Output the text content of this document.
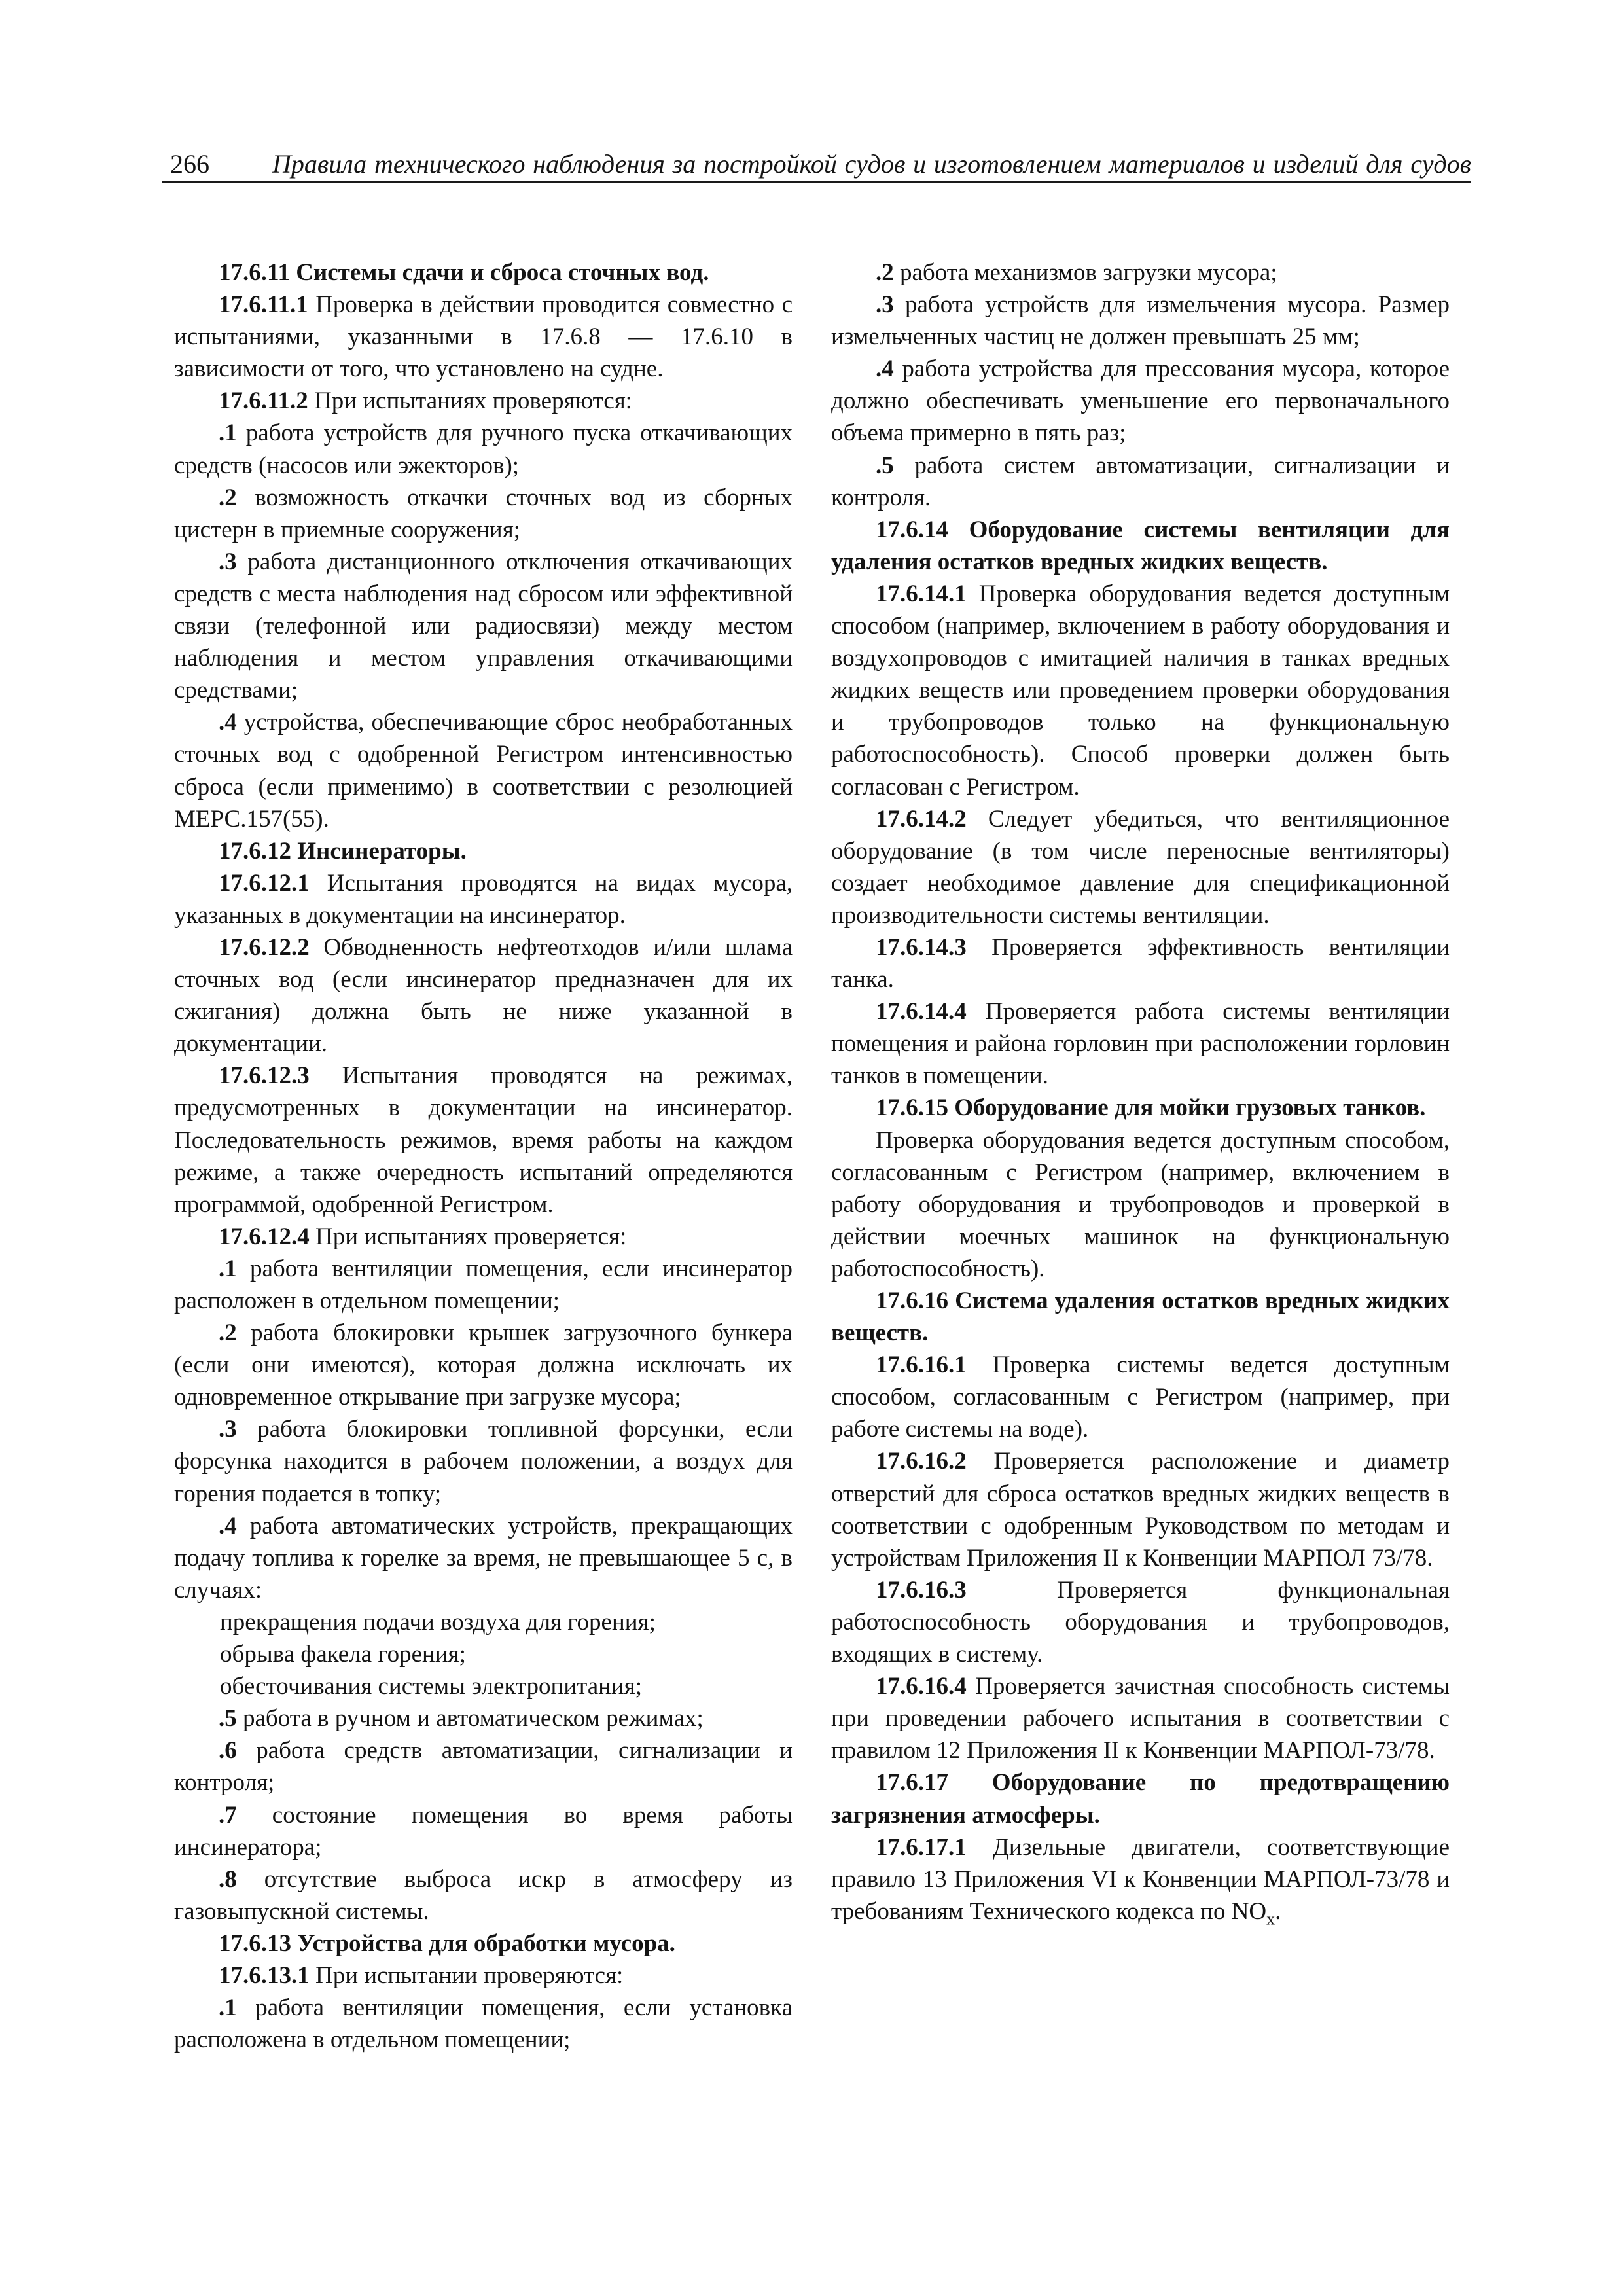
266 Правила технического наблюдения за постройкой судов и изготовлением материалов и изделий для судов

17.6.11 Системы сдачи и сброса сточных вод.

17.6.11.1 Проверка в действии проводится совместно с испытаниями, указанными в 17.6.8 — 17.6.10 в зависимости от того, что установлено на судне.

17.6.11.2 При испытаниях проверяются:

.1 работа устройств для ручного пуска откачивающих средств (насосов или эжекторов);

.2 возможность откачки сточных вод из сборных цистерн в приемные сооружения;

.3 работа дистанционного отключения откачивающих средств с места наблюдения над сбросом или эффективной связи (телефонной или радиосвязи) между местом наблюдения и местом управления откачивающими средствами;

.4 устройства, обеспечивающие сброс необработанных сточных вод с одобренной Регистром интенсивностью сброса (если применимо) в соответствии с резолюцией МЕРС.157(55).

17.6.12 Инсинераторы.

17.6.12.1 Испытания проводятся на видах мусора, указанных в документации на инсинератор.

17.6.12.2 Обводненность нефтеотходов и/или шлама сточных вод (если инсинератор предназначен для их сжигания) должна быть не ниже указанной в документации.

17.6.12.3 Испытания проводятся на режимах, предусмотренных в документации на инсинератор. Последовательность режимов, время работы на каждом режиме, а также очередность испытаний определяются программой, одобренной Регистром.

17.6.12.4 При испытаниях проверяется:

.1 работа вентиляции помещения, если инсинератор расположен в отдельном помещении;

.2 работа блокировки крышек загрузочного бункера (если они имеются), которая должна исключать их одновременное открывание при загрузке мусора;

.3 работа блокировки топливной форсунки, если форсунка находится в рабочем положении, а воздух для горения подается в топку;

.4 работа автоматических устройств, прекращающих подачу топлива к горелке за время, не превышающее 5 с, в случаях:

прекращения подачи воздуха для горения;

обрыва факела горения;

обесточивания системы электропитания;

.5 работа в ручном и автоматическом режимах;

.6 работа средств автоматизации, сигнализации и контроля;

.7 состояние помещения во время работы инсинератора;

.8 отсутствие выброса искр в атмосферу из газовыпускной системы.

17.6.13 Устройства для обработки мусора.

17.6.13.1 При испытании проверяются:

.1 работа вентиляции помещения, если установка расположена в отдельном помещении;

.2 работа механизмов загрузки мусора;

.3 работа устройств для измельчения мусора. Размер измельченных частиц не должен превышать 25 мм;

.4 работа устройства для прессования мусора, которое должно обеспечивать уменьшение его первоначального объема примерно в пять раз;

.5 работа систем автоматизации, сигнализации и контроля.

17.6.14 Оборудование системы вентиляции для удаления остатков вредных жидких веществ.

17.6.14.1 Проверка оборудования ведется доступным способом (например, включением в работу оборудования и воздухопроводов с имитацией наличия в танках вредных жидких веществ или проведением проверки оборудования и трубопроводов только на функциональную работоспособность). Способ проверки должен быть согласован с Регистром.

17.6.14.2 Следует убедиться, что вентиляционное оборудование (в том числе переносные вентиляторы) создает необходимое давление для спецификационной производительности системы вентиляции.

17.6.14.3 Проверяется эффективность вентиляции танка.

17.6.14.4 Проверяется работа системы вентиляции помещения и района горловин при расположении горловин танков в помещении.

17.6.15 Оборудование для мойки грузовых танков.

Проверка оборудования ведется доступным способом, согласованным с Регистром (например, включением в работу оборудования и трубопроводов и проверкой в действии моечных машинок на функциональную работоспособность).

17.6.16 Система удаления остатков вредных жидких веществ.

17.6.16.1 Проверка системы ведется доступным способом, согласованным с Регистром (например, при работе системы на воде).

17.6.16.2 Проверяется расположение и диаметр отверстий для сброса остатков вредных жидких веществ в соответствии с одобренным Руководством по методам и устройствам Приложения II к Конвенции МАРПОЛ 73/78.

17.6.16.3 Проверяется функциональная работоспособность оборудования и трубопроводов, входящих в систему.

17.6.16.4 Проверяется зачистная способность системы при проведении рабочего испытания в соответствии с правилом 12 Приложения II к Конвенции МАРПОЛ-73/78.

17.6.17 Оборудование по предотвращению загрязнения атмосферы.

17.6.17.1 Дизельные двигатели, соответствующие правило 13 Приложения VI к Конвенции МАРПОЛ-73/78 и требованиям Технического кодекса по $NO_x$.
